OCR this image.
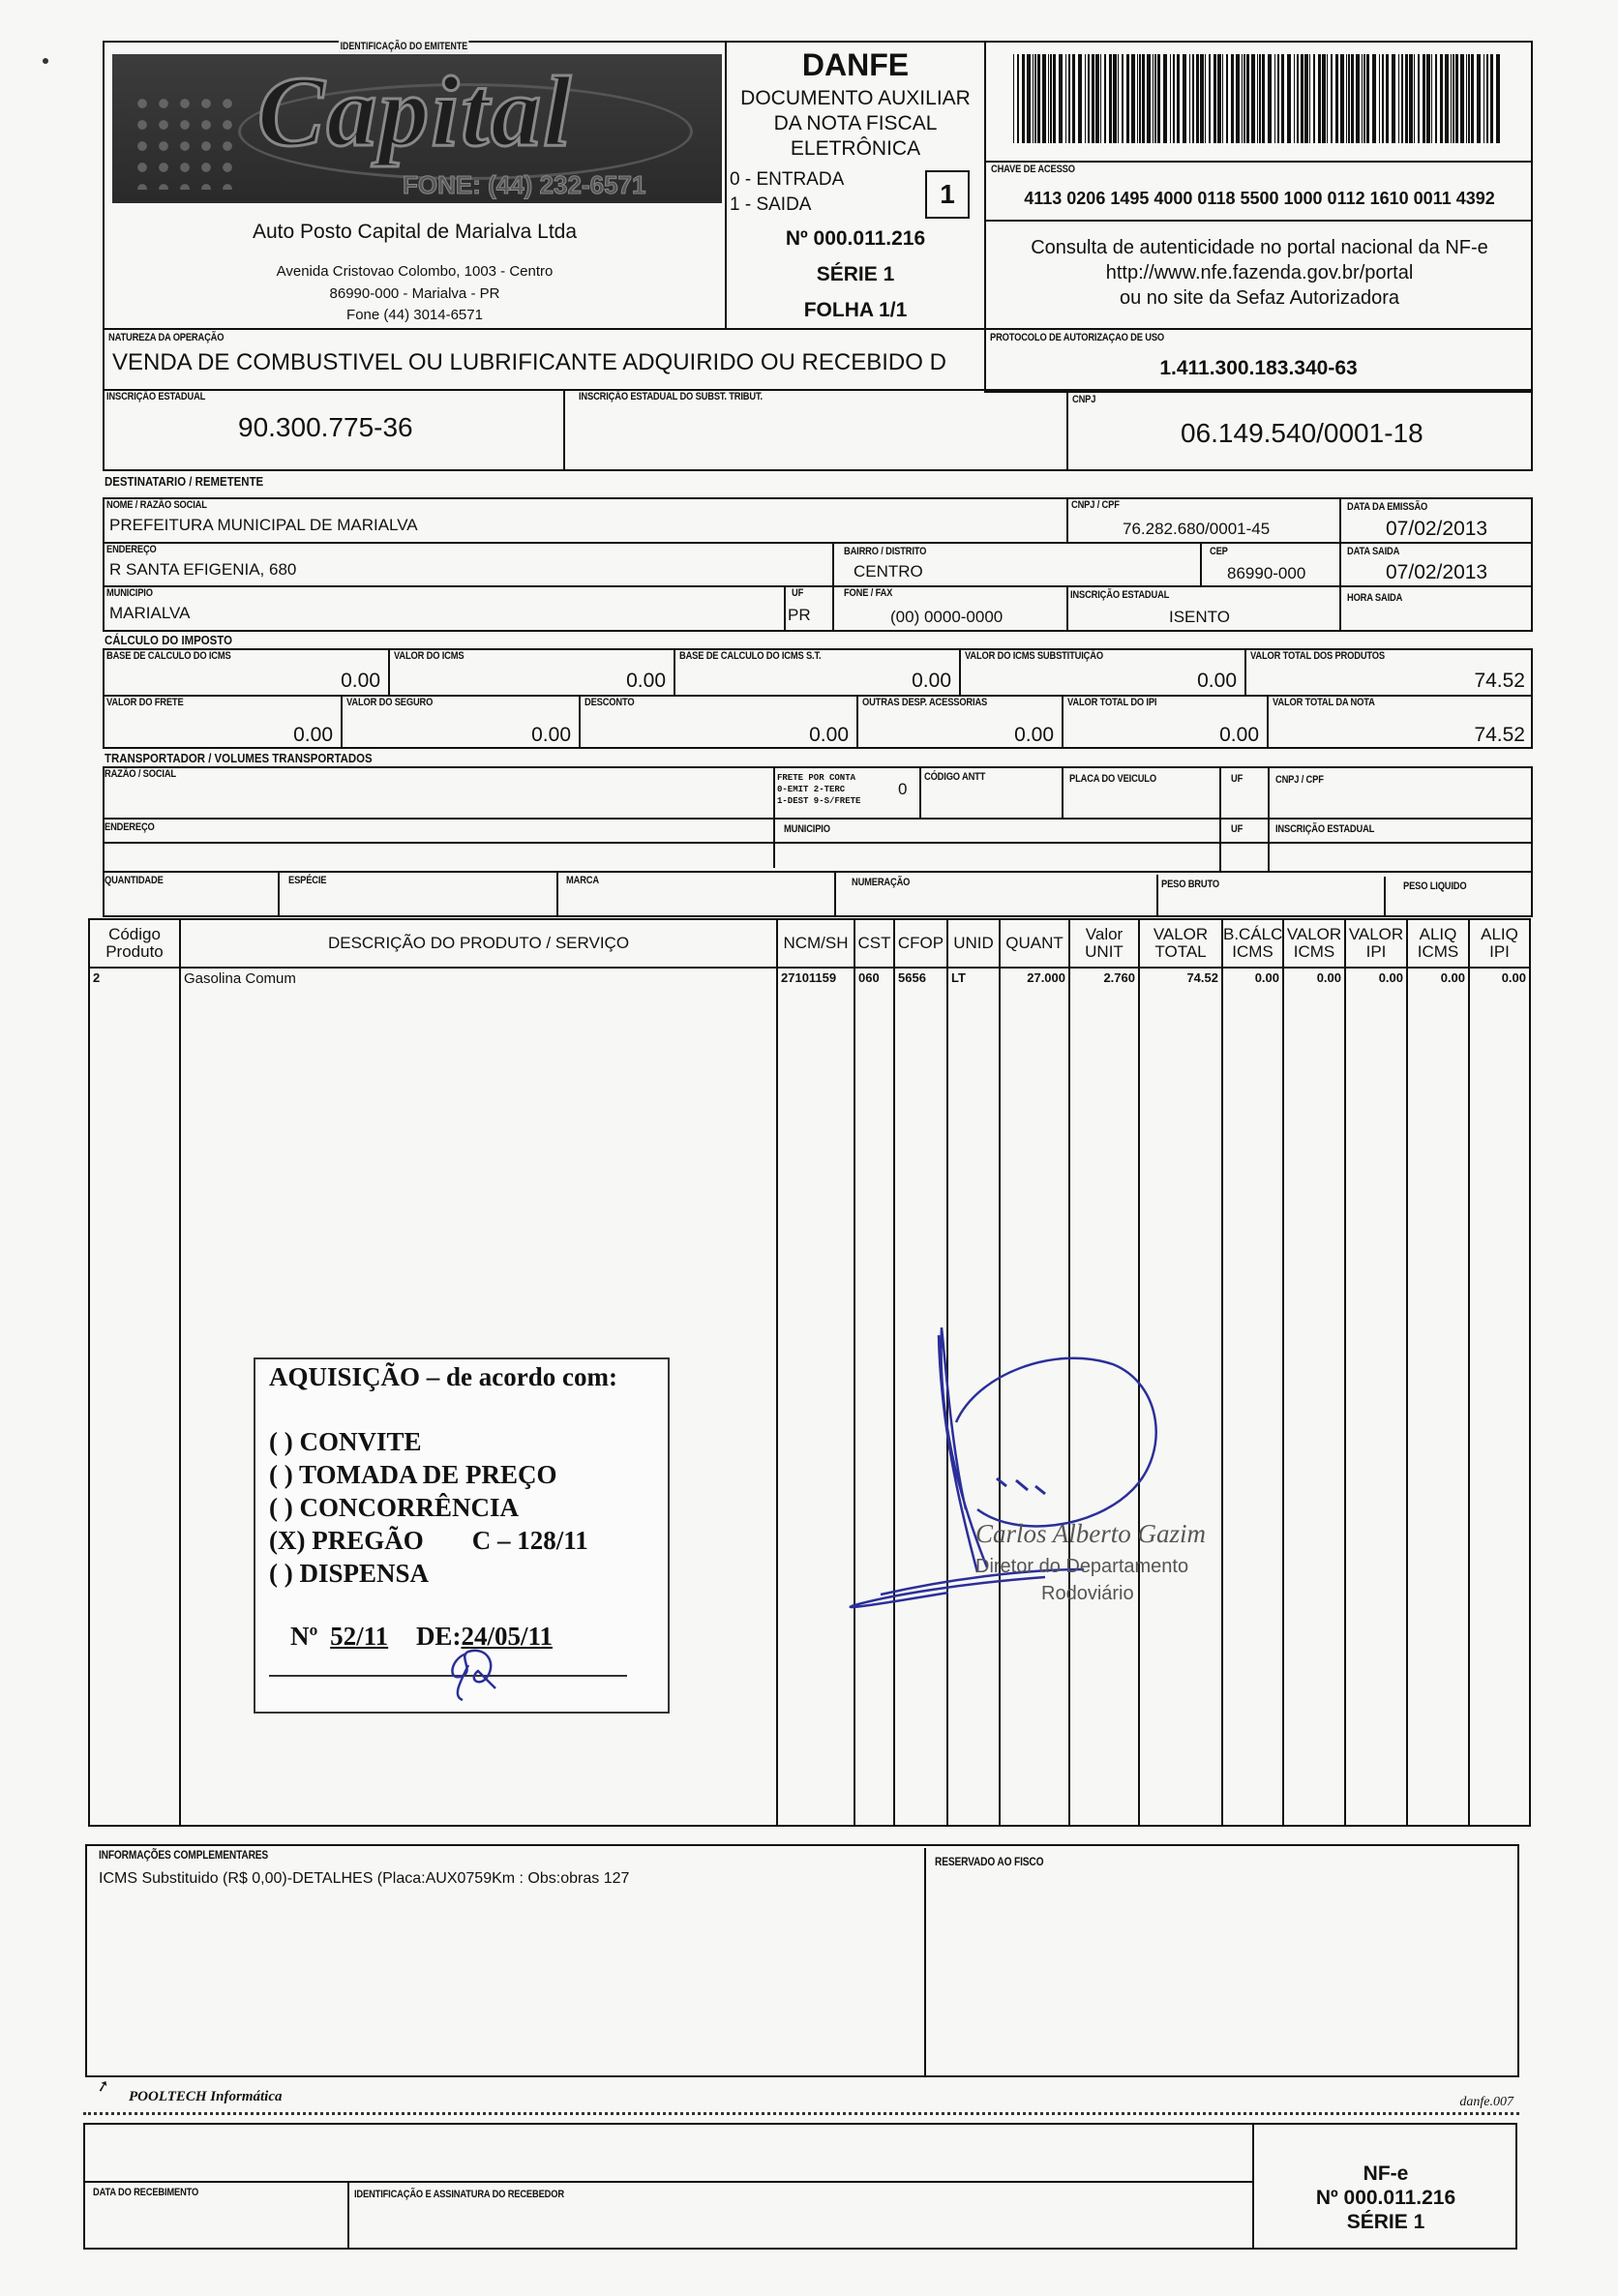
Capital
FONE: (44) 232-6571
IDENTIFICAÇÃO DO EMITENTE
Auto Posto Capital de Marialva Ltda
Avenida Cristovao Colombo, 1003 - Centro
86990-000 - Marialva - PR
Fone (44) 3014-6571
DANFE
DOCUMENTO AUXILIAR
DA NOTA FISCAL
ELETRÔNICA
0 - ENTRADA
1 - SAIDA	1
Nº 000.011.216
SÉRIE 1
FOLHA 1/1
CHAVE DE ACESSO
4113 0206 1495 4000 0118 5500 1000 0112 1610 0011 4392
Consulta de autenticidade no portal nacional da NF-e
http://www.nfe.fazenda.gov.br/portal
ou no site da Sefaz Autorizadora
NATUREZA DA OPERAÇÃO
VENDA DE COMBUSTIVEL OU LUBRIFICANTE ADQUIRIDO OU RECEBIDO D
PROTOCOLO DE AUTORIZAÇAO DE USO
1.411.300.183.340-63
INSCRIÇÃO ESTADUAL
90.300.775-36
INSCRIÇÃO ESTADUAL DO SUBST. TRIBUT.	CNPJ
06.149.540/0001-18
DESTINATARIO / REMETENTE
NOME / RAZÃO SOCIAL
PREFEITURA MUNICIPAL DE MARIALVA
CNPJ / CPF
76.282.680/0001-45
DATA DA EMISSÃO
07/02/2013
ENDEREÇO
R SANTA EFIGENIA, 680
BAIRRO / DISTRITO
CENTRO
CEP
86990-000
DATA SAIDA
07/02/2013
MUNICIPIO
MARIALVA
UF
PR
FONE / FAX
(00) 0000-0000
INSCRIÇÃO ESTADUAL
ISENTO
HORA SAIDA
CÁLCULO DO IMPOSTO
BASE DE CALCULO DO ICMS
0.00
VALOR DO ICMS
0.00
BASE DE CALCULO DO ICMS S.T.
0.00
VALOR DO ICMS SUBSTITUIÇÃO
0.00
VALOR TOTAL DOS PRODUTOS
74.52
VALOR DO FRETE
0.00
VALOR DO SEGURO
0.00
DESCONTO
0.00
OUTRAS DESP. ACESSORIAS
0.00
VALOR TOTAL DO IPI
0.00
VALOR TOTAL DA NOTA
74.52
TRANSPORTADOR / VOLUMES TRANSPORTADOS
RAZÃO / SOCIAL	FRETE POR CONTA
0-EMIT 2-TERC
1-DEST 9-S/FRETE
0
CÓDIGO ANTT	PLACA DO VEICULO	UF	CNPJ / CPF
ENDEREÇO	MUNICIPIO	UF	INSCRIÇÃO ESTADUAL
QUANTIDADE	ESPÉCIE	MARCA	NUMERAÇÃO	PESO BRUTO	PESO LIQUIDO
Código Produto	DESCRIÇÃO DO PRODUTO / SERVIÇO	NCM/SH	CST	CFOP	UNID	QUANT	Valor UNIT	VALOR TOTAL	B.CÁLC ICMS	VALOR ICMS	VALOR IPI	ALIQ ICMS	ALIQ IPI
2	Gasolina Comum	27101159	060	5656	LT	27.000	2.760	74.52	0.00	0.00	0.00	0.00	0.00

AQUISIÇÃO – de acordo com:
( ) CONVITE
( ) TOMADA DE PREÇO
( ) CONCORRÊNCIA
(X) PREGÃO C – 128/11
( ) DISPENSA
Nº 52/11 DE:24/05/11
Carlos Alberto Gazim
Diretor do Departamento
Rodoviário
INFORMAÇÕES COMPLEMENTARES
ICMS Substituido (R$ 0,00)-DETALHES (Placa:AUX0759Km : Obs:obras 127
RESERVADO AO FISCO
➚
POOLTECH Informática	danfe.007
DATA DO RECEBIMENTO	IDENTIFICAÇÃO E ASSINATURA DO RECEBEDOR
NF-e
Nº 000.011.216
SÉRIE 1
